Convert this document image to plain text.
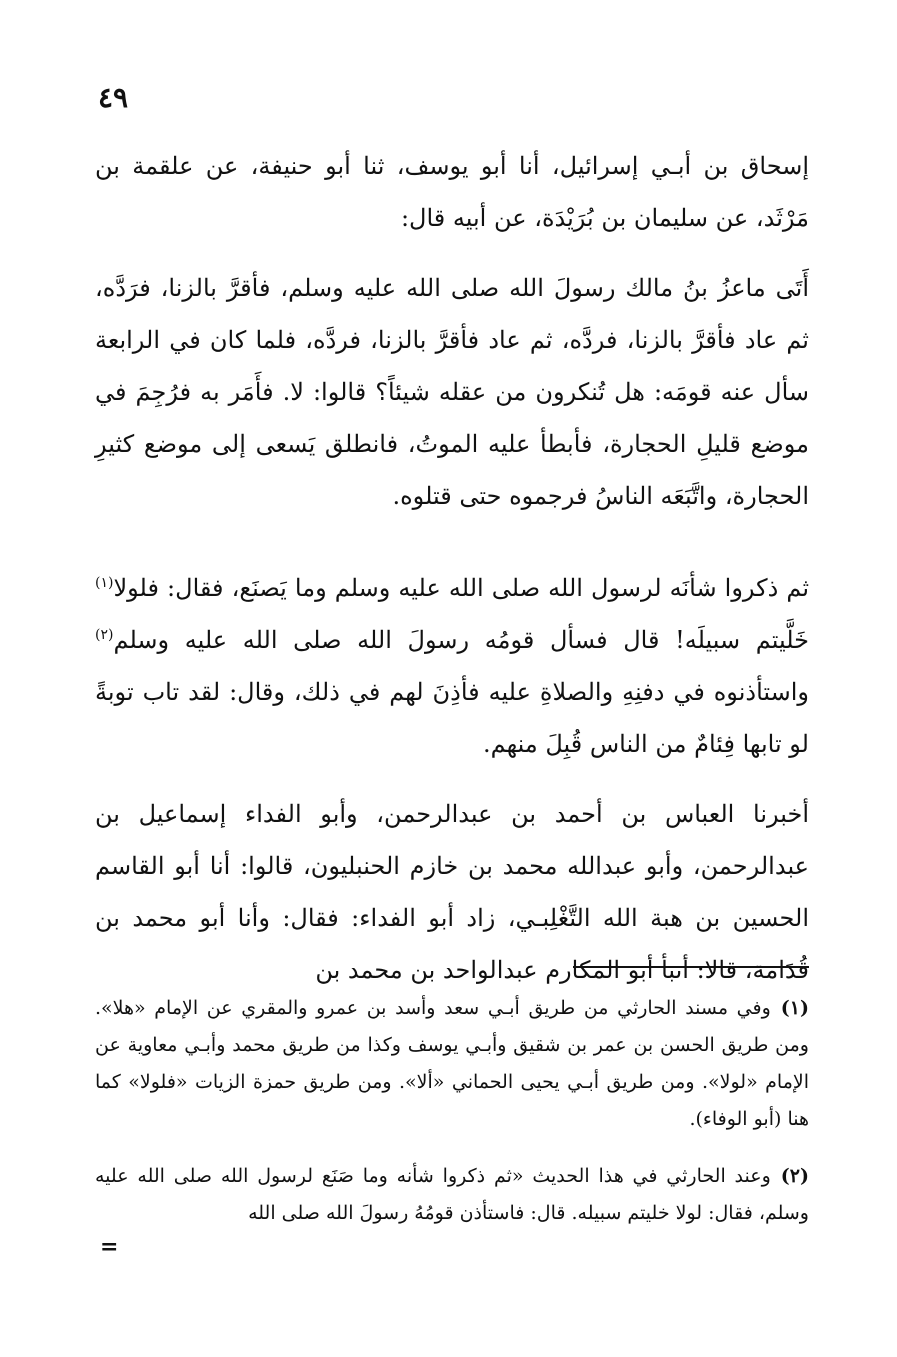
٤٩

إسحاق بن أبـي إسرائيل، أنا أبو يوسف، ثنا أبو حنيفة، عن علقمة بن مَرْثَد، عن سليمان بن بُرَيْدَة، عن أبيه قال:

أَتَى ماعزُ بنُ مالك رسولَ الله صلى الله عليه وسلم، فأقرَّ بالزنا، فرَدَّه، ثم عاد فأقرَّ بالزنا، فردَّه، ثم عاد فأقرَّ بالزنا، فردَّه، فلما كان في الرابعة سأل عنه قومَه: هل تُنكرون من عقله شيئاً؟ قالوا: لا. فأَمَر به فرُجِمَ في موضع قليلِ الحجارة، فأبطأ عليه الموتُ، فانطلق يَسعى إلى موضع كثيرِ الحجارة، واتَّبَعَه الناسُ فرجموه حتى قتلوه.

ثم ذكروا شأنَه لرسول الله صلى الله عليه وسلم وما يَصنَع، فقال: فلولا$^{(١)}$ خَلَّيتم سبيلَه! قال فسأل قومُه رسولَ الله صلى الله عليه وسلم$^{(٢)}$ واستأذنوه في دفنِهِ والصلاةِ عليه فأذِنَ لهم في ذلك، وقال: لقد تاب توبةً لو تابها فِئامٌ من الناس قُبِلَ منهم.

أخبرنا العباس بن أحمد بن عبدالرحمن، وأبو الفداء إسماعيل بن عبدالرحمن، وأبو عبدالله محمد بن خازم الحنبليون، قالوا: أنا أبو القاسم الحسين بن هبة الله التَّغْلِبـي، زاد أبو الفداء: فقال: وأنا أبو محمد بن قُدَامة، قالا: أنبأ أبو المكارم عبدالواحد بن محمد بن

(١)وفي مسند الحارثي من طريق أبـي سعد وأسد بن عمرو والمقري عن الإمام «هلا». ومن طريق الحسن بن عمر بن شقيق وأبـي يوسف وكذا من طريق محمد وأبـي معاوية عن الإمام «لولا». ومن طريق أبـي يحيى الحماني «ألا». ومن طريق حمزة الزيات «فلولا» كما هنا (أبو الوفاء).

(٢)وعند الحارثي في هذا الحديث «ثم ذكروا شأنه وما صَنَع لرسول الله صلى الله عليه وسلم، فقال: لولا خليتم سبيله. قال: فاستأذن قومُهُ رسولَ الله صلى الله

=
